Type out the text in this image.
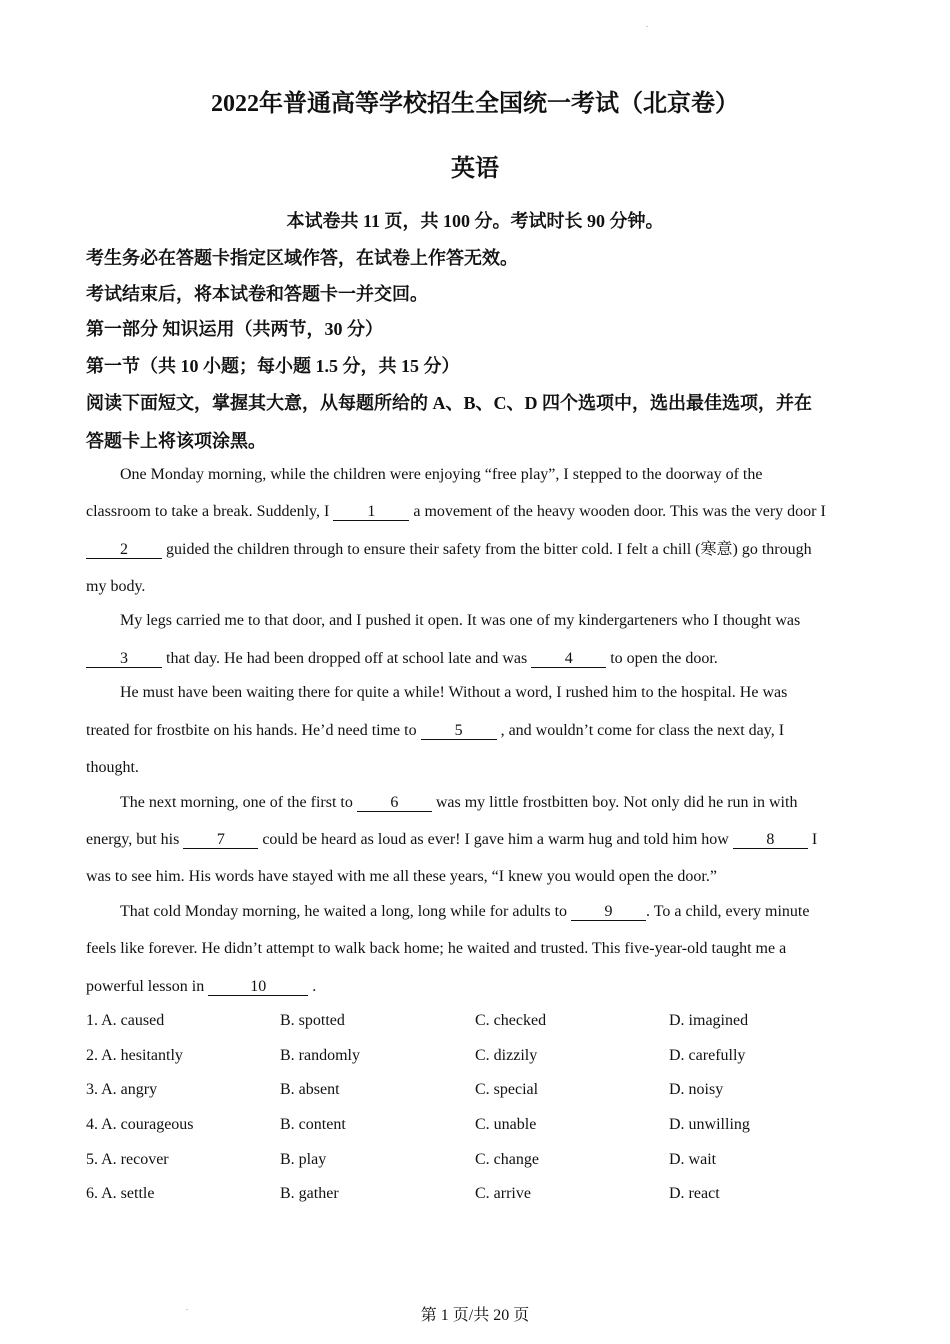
2022年普通高等学校招生全国统一考试（北京卷）
英语
本试卷共 11 页，共 100 分。考试时长 90 分钟。
考生务必在答题卡指定区域作答，在试卷上作答无效。
考试结束后，将本试卷和答题卡一并交回。
第一部分 知识运用（共两节，30 分）
第一节（共 10 小题；每小题 1.5 分，共 15 分）
阅读下面短文，掌握其大意，从每题所给的 A、B、C、D 四个选项中，选出最佳选项，并在
答题卡上将该项涂黑。
One Monday morning, while the children were enjoying “free play”, I stepped to the doorway of the
classroom to take a break. Suddenly, I 1 a movement of the heavy wooden door. This was the very door I
2 guided the children through to ensure their safety from the bitter cold. I felt a chill (寒意) go through
my body.
My legs carried me to that door, and I pushed it open. It was one of my kindergarteners who I thought was
3 that day. He had been dropped off at school late and was 4 to open the door.
He must have been waiting there for quite a while! Without a word, I rushed him to the hospital. He was
treated for frostbite on his hands. He’d need time to 5 , and wouldn’t come for class the next day, I
thought.
The next morning, one of the first to 6 was my little frostbitten boy. Not only did he run in with
energy, but his 7 could be heard as loud as ever! I gave him a warm hug and told him how 8 I
was to see him. His words have stayed with me all these years, “I knew you would open the door.”
That cold Monday morning, he waited a long, long while for adults to 9 . To a child, every minute
feels like forever. He didn’t attempt to walk back home; he waited and trusted. This five-year-old taught me a
powerful lesson in	10	.
1. A. caused	B. spotted	C. checked	D. imagined
2. A. hesitantly	B. randomly	C. dizzily	D. carefully
3. A. angry	B. absent	C. special	D. noisy
4. A. courageous	B. content	C. unable	D. unwilling
5. A. recover	B. play	C. change	D. wait
6. A. settle	B. gather	C. arrive	D. react
第 1 页/共 20 页
